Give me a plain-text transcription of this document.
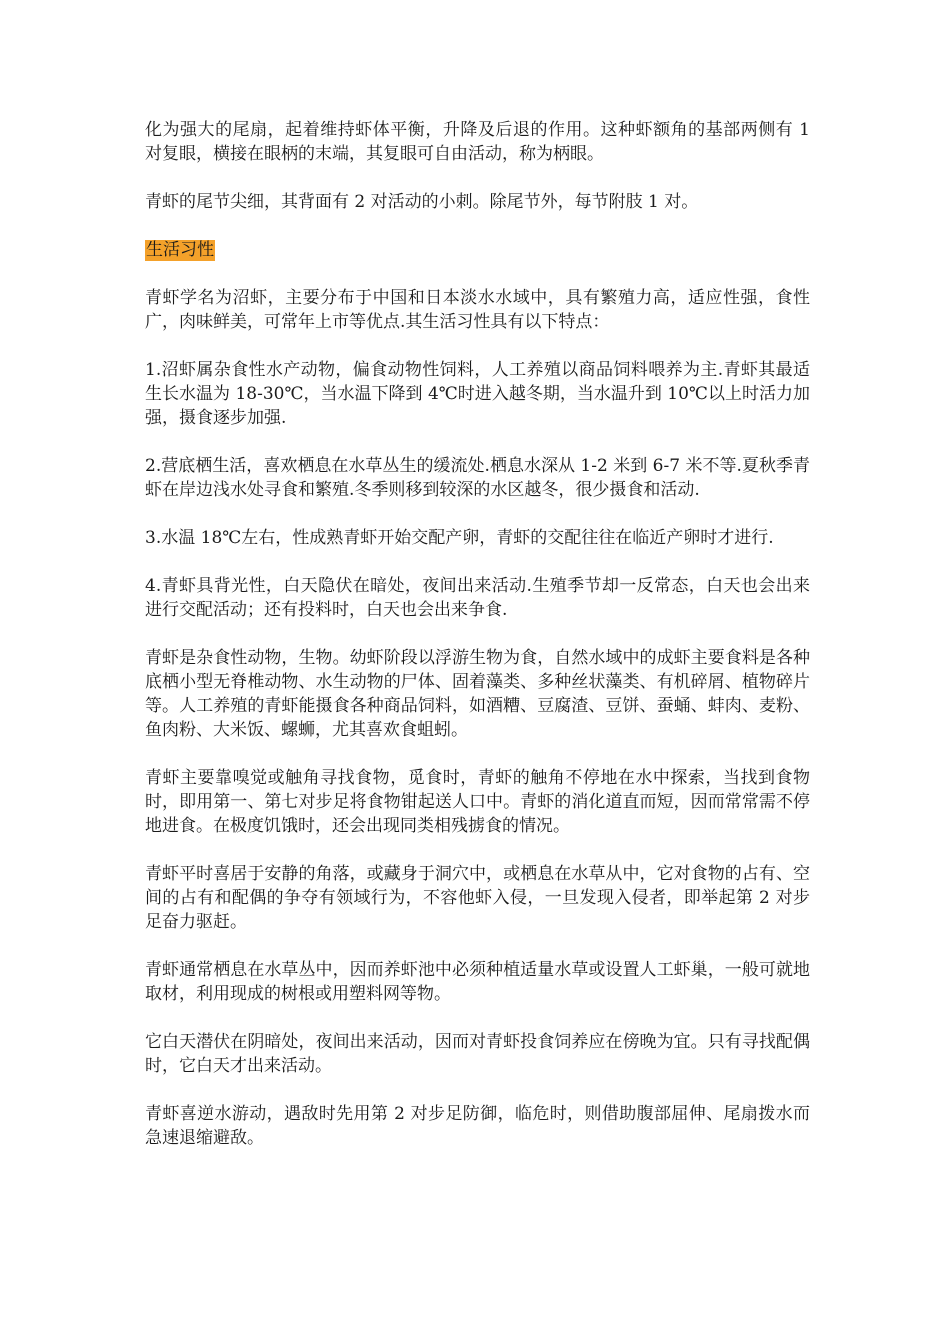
化为强大的尾扇，起着维持虾体平衡，升降及后退的作用。这种虾额角的基部两侧有 1 对复眼，横接在眼柄的末端，其复眼可自由活动，称为柄眼。

青虾的尾节尖细，其背面有 2 对活动的小刺。除尾节外，每节附肢 1 对。

生活习性

青虾学名为沼虾，主要分布于中国和日本淡水水域中，具有繁殖力高，适应性强，食性广，肉味鲜美，可常年上市等优点.其生活习性具有以下特点：

1.沼虾属杂食性水产动物，偏食动物性饲料，人工养殖以商品饲料喂养为主.青虾其最适生长水温为 18-30℃，当水温下降到 4℃时进入越冬期，当水温升到 10℃以上时活力加强，摄食逐步加强.

2.营底栖生活，喜欢栖息在水草丛生的缓流处.栖息水深从 1-2 米到 6-7 米不等.夏秋季青虾在岸边浅水处寻食和繁殖.冬季则移到较深的水区越冬，很少摄食和活动.

3.水温 18℃左右，性成熟青虾开始交配产卵，青虾的交配往往在临近产卵时才进行.

4.青虾具背光性，白天隐伏在暗处，夜间出来活动.生殖季节却一反常态，白天也会出来进行交配活动；还有投料时，白天也会出来争食.

青虾是杂食性动物，生物。幼虾阶段以浮游生物为食，自然水域中的成虾主要食料是各种底栖小型无脊椎动物、水生动物的尸体、固着藻类、多种丝状藻类、有机碎屑、植物碎片等。人工养殖的青虾能摄食各种商品饲料，如酒糟、豆腐渣、豆饼、蚕蛹、蚌肉、麦粉、鱼肉粉、大米饭、螺蛳，尤其喜欢食蛆蚓。

青虾主要靠嗅觉或触角寻找食物，觅食时，青虾的触角不停地在水中探索，当找到食物时，即用第一、第七对步足将食物钳起送人口中。青虾的消化道直而短，因而常常需不停地进食。在极度饥饿时，还会出现同类相残掳食的情况。

青虾平时喜居于安静的角落，或藏身于洞穴中，或栖息在水草从中，它对食物的占有、空间的占有和配偶的争夺有领域行为，不容他虾入侵，一旦发现入侵者，即举起第 2 对步足奋力驱赶。

青虾通常栖息在水草丛中，因而养虾池中必须种植适量水草或设置人工虾巢，一般可就地取材，利用现成的树根或用塑料网等物。

它白天潜伏在阴暗处，夜间出来活动，因而对青虾投食饲养应在傍晚为宜。只有寻找配偶时，它白天才出来活动。

青虾喜逆水游动，遇敌时先用第 2 对步足防御，临危时，则借助腹部屈伸、尾扇拨水而急速退缩避敌。
